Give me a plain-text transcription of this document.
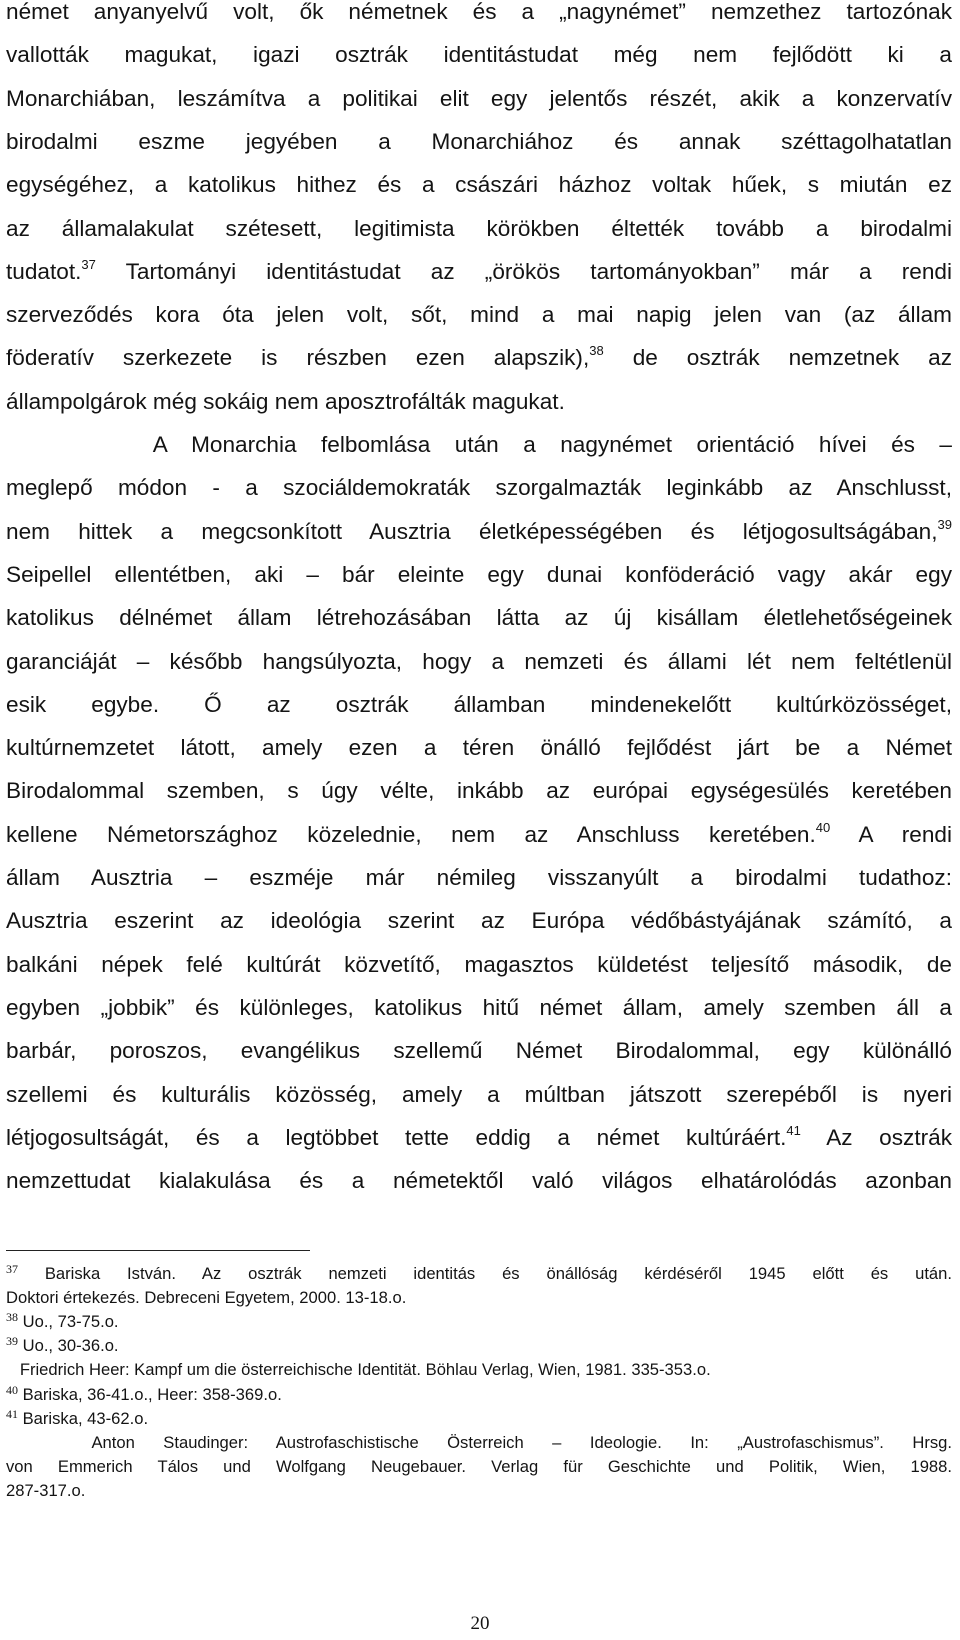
német anyanyelvű volt, ők németnek és a „nagynémet” nemzethez tartozónak
vallották magukat, igazi osztrák identitástudat még nem fejlődött ki a
Monarchiában, leszámítva a politikai elit egy jelentős részét, akik a konzervatív
birodalmi eszme jegyében a Monarchiához és annak széttagolhatatlan
egységéhez, a katolikus hithez és a császári házhoz voltak hűek, s miután ez
az államalakulat szétesett, legitimista körökben éltették tovább a birodalmi
tudatot.$^{37}$ Tartományi identitástudat az „örökös tartományokban” már a rendi
szerveződés kora óta jelen volt, sőt, mind a mai napig jelen van (az állam
föderatív szerkezete is részben ezen alapszik),$^{38}$ de osztrák nemzetnek az
állampolgárok még sokáig nem aposztrofálták magukat.
A Monarchia felbomlása után a nagynémet orientáció hívei és –
meglepő módon - a szociáldemokraták szorgalmazták leginkább az Anschlusst,
nem hittek a megcsonkított Ausztria életképességében és létjogosultságában,$^{39}$
Seipellel ellentétben, aki – bár eleinte egy dunai konföderáció vagy akár egy
katolikus délnémet állam létrehozásában látta az új kisállam életlehetőségeinek
garanciáját – később hangsúlyozta, hogy a nemzeti és állami lét nem feltétlenül
esik egybe. Ő az osztrák államban mindenekelőtt kultúrközösséget,
kultúrnemzetet látott, amely ezen a téren önálló fejlődést járt be a Német
Birodalommal szemben, s úgy vélte, inkább az európai egységesülés keretében
kellene Németországhoz közelednie, nem az Anschluss keretében.$^{40}$ A rendi
állam Ausztria – eszméje már némileg visszanyúlt a birodalmi tudathoz:
Ausztria eszerint az ideológia szerint az Európa védőbástyájának számító, a
balkáni népek felé kultúrát közvetítő, magasztos küldetést teljesítő második, de
egyben „jobbik” és különleges, katolikus hitű német állam, amely szemben áll a
barbár, poroszos, evangélikus szellemű Német Birodalommal, egy különálló
szellemi és kulturális közösség, amely a múltban játszott szerepéből is nyeri
létjogosultságát, és a legtöbbet tette eddig a német kultúráért.$^{41}$ Az osztrák
nemzettudat kialakulása és a németektől való világos elhatárolódás azonban
$^{37}$ Bariska István. Az osztrák nemzeti identitás és önállóság kérdéséről 1945 előtt és után.
Doktori értekezés. Debreceni Egyetem, 2000. 13-18.o.
$^{38}$ Uo., 73-75.o.
$^{39}$ Uo., 30-36.o.
Friedrich Heer: Kampf um die österreichische Identität. Böhlau Verlag, Wien, 1981. 335-353.o.
$^{40}$ Bariska, 36-41.o., Heer: 358-369.o.
$^{41}$ Bariska, 43-62.o.
Anton Staudinger: Austrofaschistische Österreich – Ideologie. In: „Austrofaschismus”. Hrsg.
von Emmerich Tálos und Wolfgang Neugebauer. Verlag für Geschichte und Politik, Wien, 1988.
287-317.o.
20
